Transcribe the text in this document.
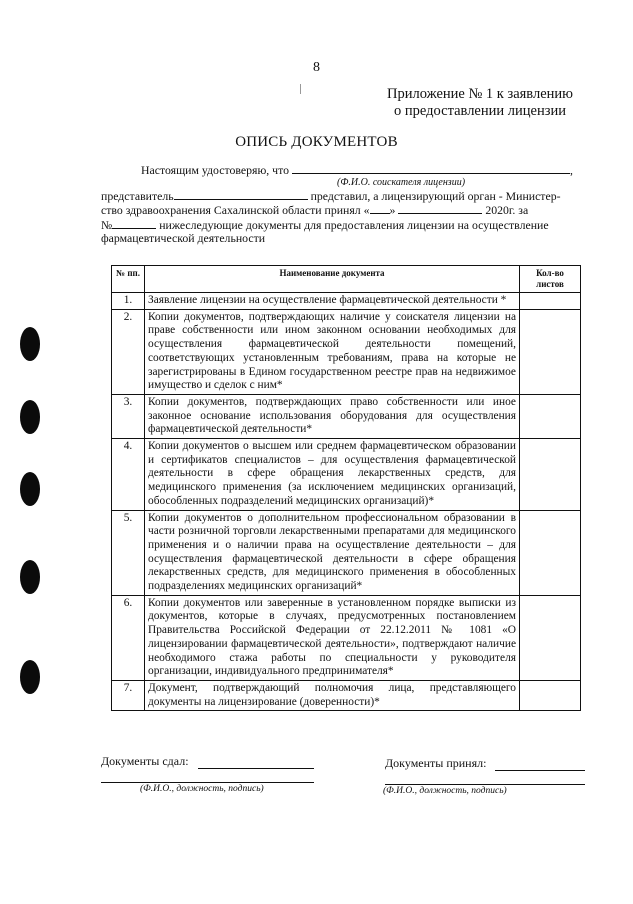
8
Приложение № 1 к заявлению
о предоставлении лицензии
ОПИСЬ ДОКУМЕНТОВ
Настоящим удостоверяю, что	,
(Ф.И.О. соискателя лицензии)
представитель	представил, а лицензирующий орган - Министер-
ство здравоохранения Сахалинской области принял « »	2020г. за
№	нижеследующие документы для предоставления лицензии на осуществление
фармацевтической деятельности
№ пп.	Наименование документа	Кол-во листов
1.	Заявление лицензии на осуществление фармацевтической деятельности *	
2.	Копии документов, подтверждающих наличие у соискателя лицензии на праве собственности или ином законном основании необходимых для осуществления фармацевтической деятельности помещений, соответствующих установленным требованиям, права на которые не зарегистрированы в Едином государственном реестре прав на недвижимое имущество и сделок с ним*	
3.	Копии документов, подтверждающих право собственности или иное законное основание использования оборудования для осуществления фармацевтической деятельности*	
4.	Копии документов о высшем или среднем фармацевтическом образовании и сертификатов специалистов – для осуществления фармацевтической деятельности в сфере обращения лекарственных средств, для медицинского применения (за исключением медицинских организаций, обособленных подразделений медицинских организаций)*	
5.	Копии документов о дополнительном профессиональном образовании в части розничной торговли лекарственными препаратами для медицинского применения и о наличии права на осуществление деятельности – для осуществления фармацевтической деятельности в сфере обращения лекарственных средств, для медицинского применения в обособленных подразделениях медицинских организаций*	
6.	Копии документов или заверенные в установленном порядке выписки из документов, которые в случаях, предусмотренных постановлением Правительства Российской Федерации от 22.12.2011 № 1081 «О лицензировании фармацевтической деятельности», подтверждают наличие необходимого стажа работы по специальности у руководителя организации, индивидуального предпринимателя*	
7.	Документ, подтверждающий полномочия лица, представляющего документы на лицензирование (доверенности)*	
Документы сдал:
(Ф.И.О., должность, подпись)
Документы принял:
(Ф.И.О., должность, подпись)
